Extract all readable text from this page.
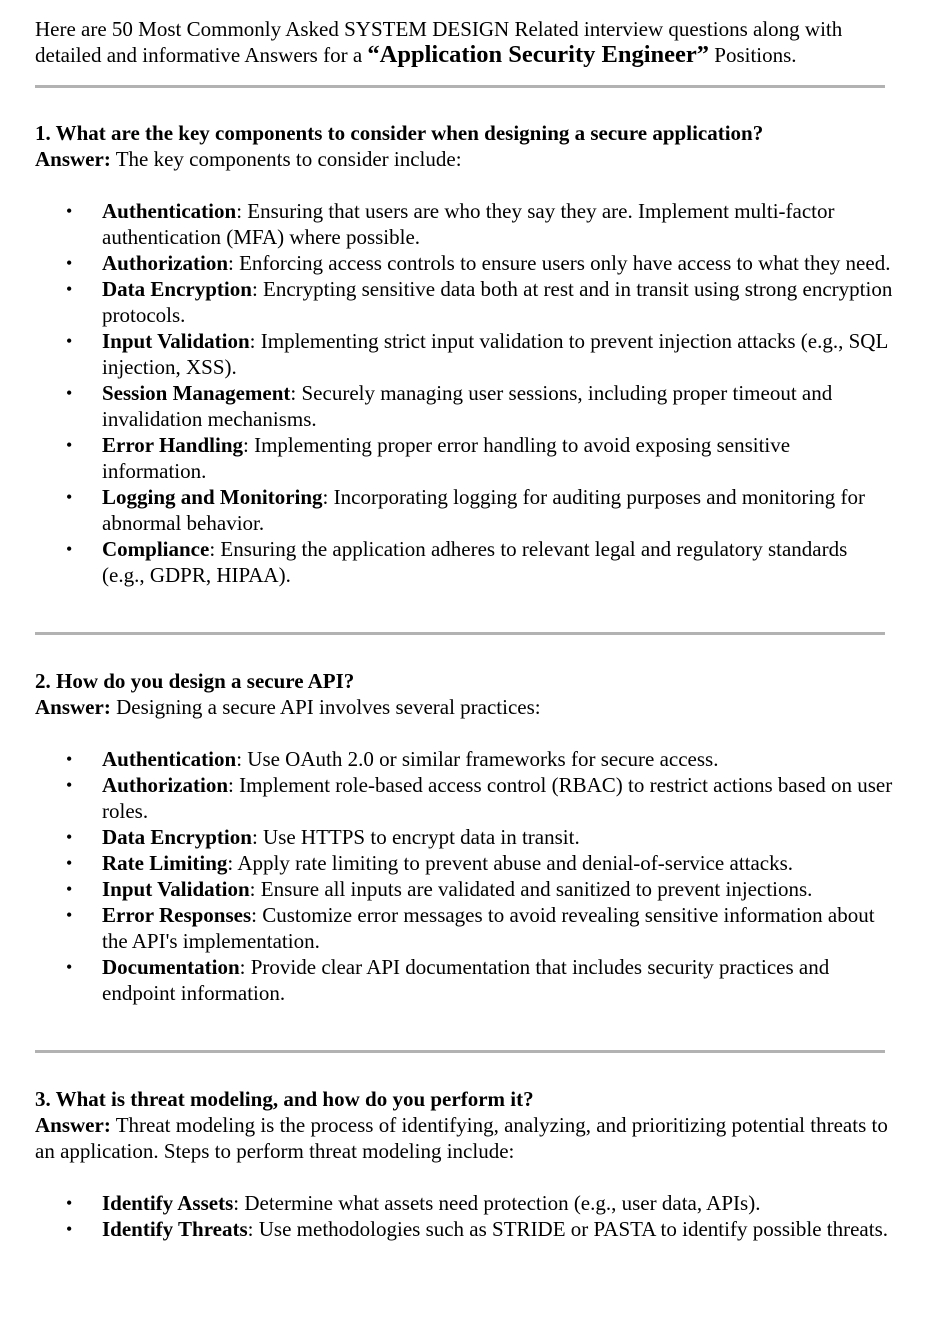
Here are 50 Most Commonly Asked SYSTEM DESIGN Related interview questions along with detailed and informative Answers for a “Application Security Engineer” Positions.

1. What are the key components to consider when designing a secure application?

Answer: The key components to consider include:

• Authentication: Ensuring that users are who they say they are. Implement multi-factor authentication (MFA) where possible.
• Authorization: Enforcing access controls to ensure users only have access to what they need.
• Data Encryption: Encrypting sensitive data both at rest and in transit using strong encryption protocols.
• Input Validation: Implementing strict input validation to prevent injection attacks (e.g., SQL injection, XSS).
• Session Management: Securely managing user sessions, including proper timeout and invalidation mechanisms.
• Error Handling: Implementing proper error handling to avoid exposing sensitive information.
• Logging and Monitoring: Incorporating logging for auditing purposes and monitoring for abnormal behavior.
• Compliance: Ensuring the application adheres to relevant legal and regulatory standards (e.g., GDPR, HIPAA).

2. How do you design a secure API?

Answer: Designing a secure API involves several practices:

• Authentication: Use OAuth 2.0 or similar frameworks for secure access.
• Authorization: Implement role-based access control (RBAC) to restrict actions based on user roles.
• Data Encryption: Use HTTPS to encrypt data in transit.
• Rate Limiting: Apply rate limiting to prevent abuse and denial-of-service attacks.
• Input Validation: Ensure all inputs are validated and sanitized to prevent injections.
• Error Responses: Customize error messages to avoid revealing sensitive information about the API's implementation.
• Documentation: Provide clear API documentation that includes security practices and endpoint information.

3. What is threat modeling, and how do you perform it?

Answer: Threat modeling is the process of identifying, analyzing, and prioritizing potential threats to an application. Steps to perform threat modeling include:

• Identify Assets: Determine what assets need protection (e.g., user data, APIs).
• Identify Threats: Use methodologies such as STRIDE or PASTA to identify possible threats.
